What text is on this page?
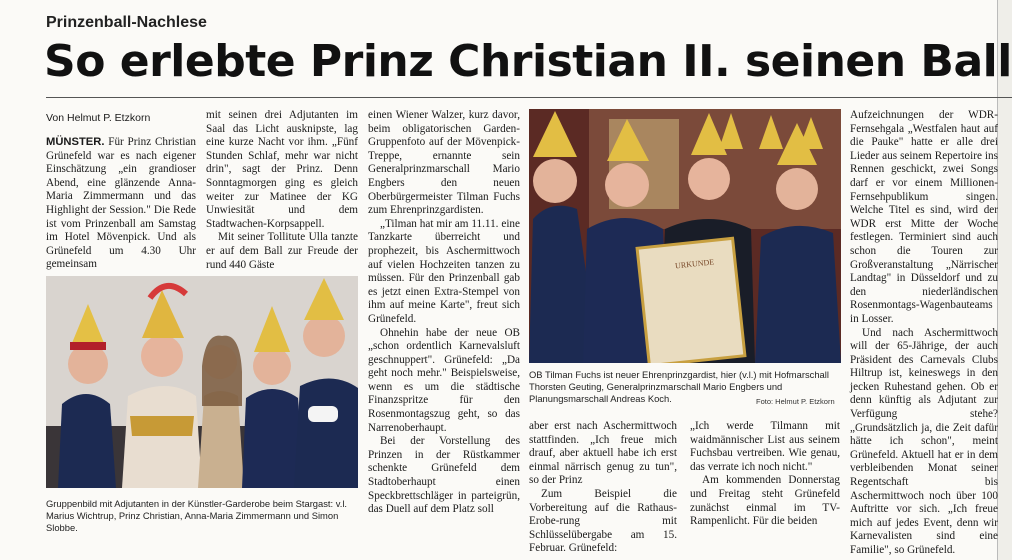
Prinzenball-Nachlese
So erlebte Prinz Christian II. seinen Ball
Von Helmut P. Etzkorn

MÜNSTER. Für Prinz Christian Grünefeld war es nach eigener Einschätzung „ein grandioser Abend, eine glänzende Anna-Maria Zimmermann und das Highlight der Session." Die Rede ist vom Prinzenball am Samstag im Hotel Mövenpick. Und als Grünefeld um 4.30 Uhr gemeinsam

mit seinen drei Adjutanten im Saal das Licht ausknipste, lag eine kurze Nacht vor ihm. „Fünf Stunden Schlaf, mehr war nicht drin", sagt der Prinz. Denn Sonntagmorgen ging es gleich weiter zur Matinee der KG Unwiesität und dem Stadtwachen-Korpsappell.

Mit seiner Tollitute Ulla tanzte er auf dem Ball zur Freude der rund 440 Gäste

Gruppenbild mit Adjutanten in der Künstler-Garderobe beim Stargast: v.l. Marius Wichtrup, Prinz Christian, Anna-Maria Zimmermann und Simon Slobbe.

einen Wiener Walzer, kurz davor, beim obligatorischen Garden-Gruppenfoto auf der Mövenpick-Treppe, ernannte sein Generalprinzmarschall Mario Engbers den neuen Oberbürgermeister Tilman Fuchs zum Ehrenprinzgardisten.

„Tilman hat mir am 11.11. eine Tanzkarte überreicht und prophezeit, bis Aschermittwoch auf vielen Hochzeiten tanzen zu müssen. Für den Prinzenball gab es jetzt einen Extra-Stempel von ihm auf meine Karte", freut sich Grünefeld.

Ohnehin habe der neue OB „schon ordentlich Karnevalsluft geschnuppert". Grünefeld: „Da geht noch mehr." Beispielsweise, wenn es um die städtische Finanzspritze für den Rosenmontagszug geht, so das Narrenoberhaupt.

Bei der Vorstellung des Prinzen in der Rüstkammer schenkte Grünefeld dem Stadtoberhaupt einen Speckbrettschläger in parteigrün, das Duell auf dem Platz soll

URKUNDE
OB Tilman Fuchs ist neuer Ehrenprinzgardist, hier (v.l.) mit Hofmarschall Thorsten Geuting, Generalprinzmarschall Mario Engbers und Planungsmarschall Andreas Koch.	Foto: Helmut P. Etzkorn

aber erst nach Aschermittwoch stattfinden. „Ich freue mich drauf, aber aktuell habe ich erst einmal närrisch genug zu tun", so der Prinz

Zum Beispiel die Vorbereitung auf die Rathaus-Erobe-rung mit Schlüsselübergabe am 15. Februar. Grünefeld:

„Ich werde Tilmann mit waidmännischer List aus seinem Fuchsbau vertreiben. Wie genau, das verrate ich noch nicht."

Am kommenden Donnerstag und Freitag steht Grünefeld zunächst einmal im TV-Rampenlicht. Für die beiden

Aufzeichnungen der WDR-Fernsehgala „Westfalen haut auf die Pauke" hatte er alle drei Lieder aus seinem Repertoire ins Rennen geschickt, zwei Songs darf er vor einem Millionen-Fernsehpublikum singen. Welche Titel es sind, wird der WDR erst Mitte der Woche festlegen. Terminiert sind auch schon die Touren zur Großveranstaltung „Närrischer Landtag" in Düsseldorf und zu den niederländischen Rosenmontags-Wagenbauteams in Losser.

Und nach Aschermittwoch will der 65-Jährige, der auch Präsident des Carnevals Clubs Hiltrup ist, keineswegs in den jecken Ruhestand gehen. Ob er denn künftig als Adjutant zur Verfügung stehe? „Grundsätzlich ja, die Zeit dafür hätte ich schon", meint Grünefeld. Aktuell hat er in dem verbleibenden Monat seiner Regentschaft bis Aschermittwoch noch über 100 Auftritte vor sich. „Ich freue mich auf jedes Event, denn wir Karnevalisten sind eine Familie", so Grünefeld.
